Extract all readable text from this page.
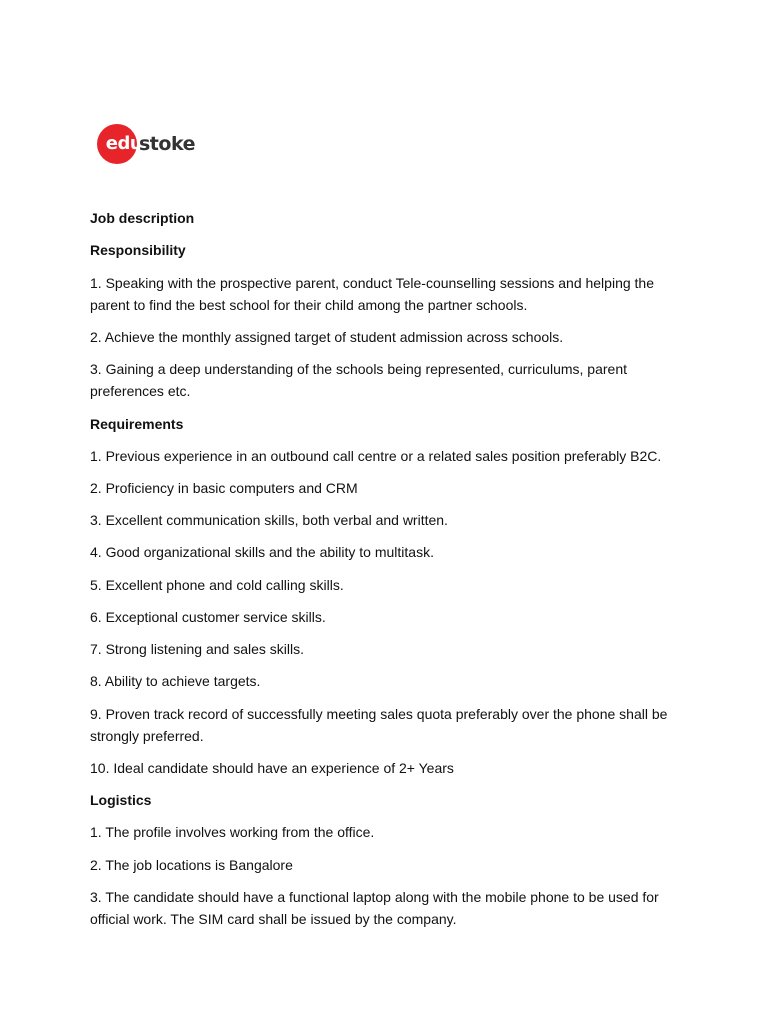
edu
stoke
Job description
Responsibility
1. Speaking with the prospective parent, conduct Tele-counselling sessions and helping the
parent to find the best school for their child among the partner schools.
2. Achieve the monthly assigned target of student admission across schools.
3. Gaining a deep understanding of the schools being represented, curriculums, parent
preferences etc.
Requirements
1. Previous experience in an outbound call centre or a related sales position preferably B2C.
2. Proficiency in basic computers and CRM
3. Excellent communication skills, both verbal and written.
4. Good organizational skills and the ability to multitask.
5. Excellent phone and cold calling skills.
6. Exceptional customer service skills.
7. Strong listening and sales skills.
8. Ability to achieve targets.
9. Proven track record of successfully meeting sales quota preferably over the phone shall be
strongly preferred.
10. Ideal candidate should have an experience of 2+ Years
Logistics
1. The profile involves working from the office.
2. The job locations is Bangalore
3. The candidate should have a functional laptop along with the mobile phone to be used for
official work. The SIM card shall be issued by the company.
